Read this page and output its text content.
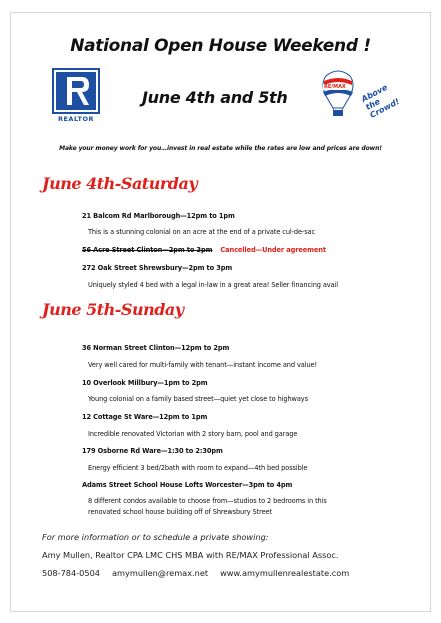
National Open House Weekend !
REALTOR
June 4th and 5th
RE/MAX Above the Crowd!
Make your money work for you…invest in real estate while the rates are low and prices are down!
June 4th-Saturday
21 Balcom Rd Marlborough—12pm to 1pm
This is a stunning colonial on an acre at the end of a private cul-de-sac
56 Acre Street Clinton—2pm to 3pm Cancelled—Under agreement
272 Oak Street Shrewsbury—2pm to 3pm
Uniquely styled 4 bed with a legal in-law in a great area! Seller financing avail
June 5th-Sunday
36 Norman Street Clinton—12pm to 2pm
Very well cared for multi-family with tenant—instant income and value!
10 Overlook Millbury—1pm to 2pm
Young colonial on a family based street—quiet yet close to highways
12 Cottage St Ware—12pm to 1pm
Incredible renovated Victorian with 2 story barn, pool and garage
179 Osborne Rd Ware—1:30 to 2:30pm
Energy efficient 3 bed/2bath with room to expand—4th bed possible
Adams Street School House Lofts Worcester—3pm to 4pm
8 different condos available to choose from—studios to 2 bedrooms in this
renovated school house building off of Shrewsbury Street
For more information or to schedule a private showing:
Amy Mullen, Realtor CPA LMC CHS MBA with RE/MAX Professional Assoc.
508-784-0504 amymullen@remax.net www.amymullenrealestate.com
